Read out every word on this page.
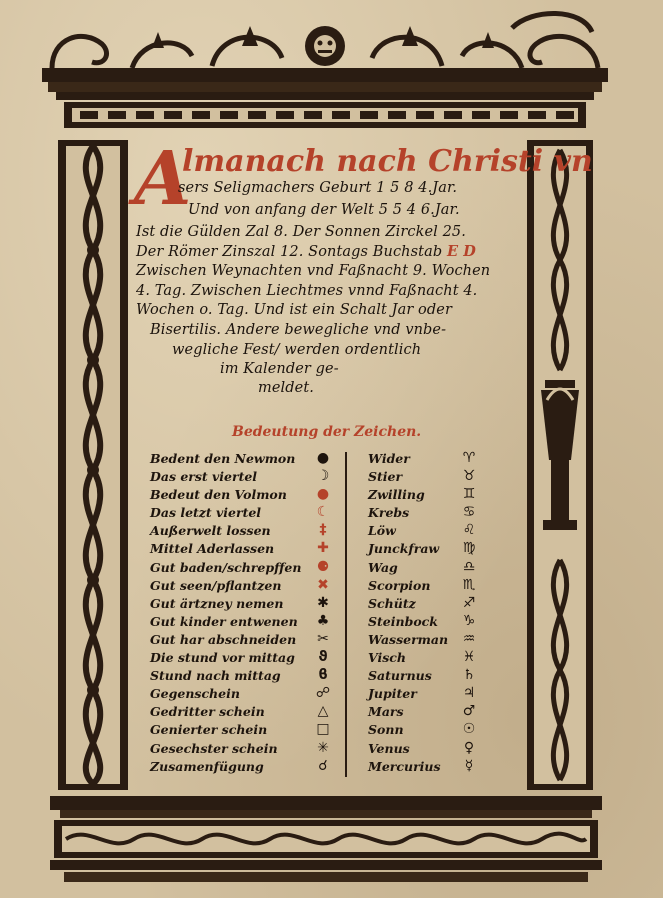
A
lmanach nach Christi vn
sers Seligmachers Geburt 1 5 8 4.Jar.
Und von anfang der Welt 5 5 4 6.Jar.
Ist die Gülden Zal 8. Der Sonnen Zirckel 25.
Der Römer Zinszal 12. Sontags Buchstab E D
Zwischen Weynachten vnd Faßnacht 9. Wochen
4. Tag. Zwischen Liechtmes vnnd Faßnacht 4.
Wochen o. Tag. Und ist ein Schalt Jar oder
Bisertilis. Andere bewegliche vnd vnbe-
wegliche Fest/ werden ordentlich
im Kalender ge-
meldet.
Bedeutung der Zeichen.
Bedent den Newmon ●
Das erst viertel	☽
Bedeut den Volmon ●
Das letzt viertel	☾
Außerwelt lossen	‡
Mittel Aderlassen	✚
Gut baden/schrepffen ⚈
Gut seen/pflantzen	✖
Gut ärtzney nemen ✱
Gut kinder entwenen ♣
Gut har abschneiden ✂
Die stund vor mittag	ϑ
Stund nach mittag	ϐ
Gegenschein	☍
Gedritter schein	△
Genierter schein	□
Gesechster schein	✳
Zusamenfügung	☌
Wider	♈
Stier	♉
Zwilling	♊
Krebs	♋
Löw	♌
Junckfraw ♍
Wag	♎
Scorpion ♏
Schütz	♐
Steinbock ♑
Wasserman ♒
Visch	♓
Saturnus ♄
Jupiter	♃
Mars	♂
Sonn	☉
Venus	♀
Mercurius	☿
